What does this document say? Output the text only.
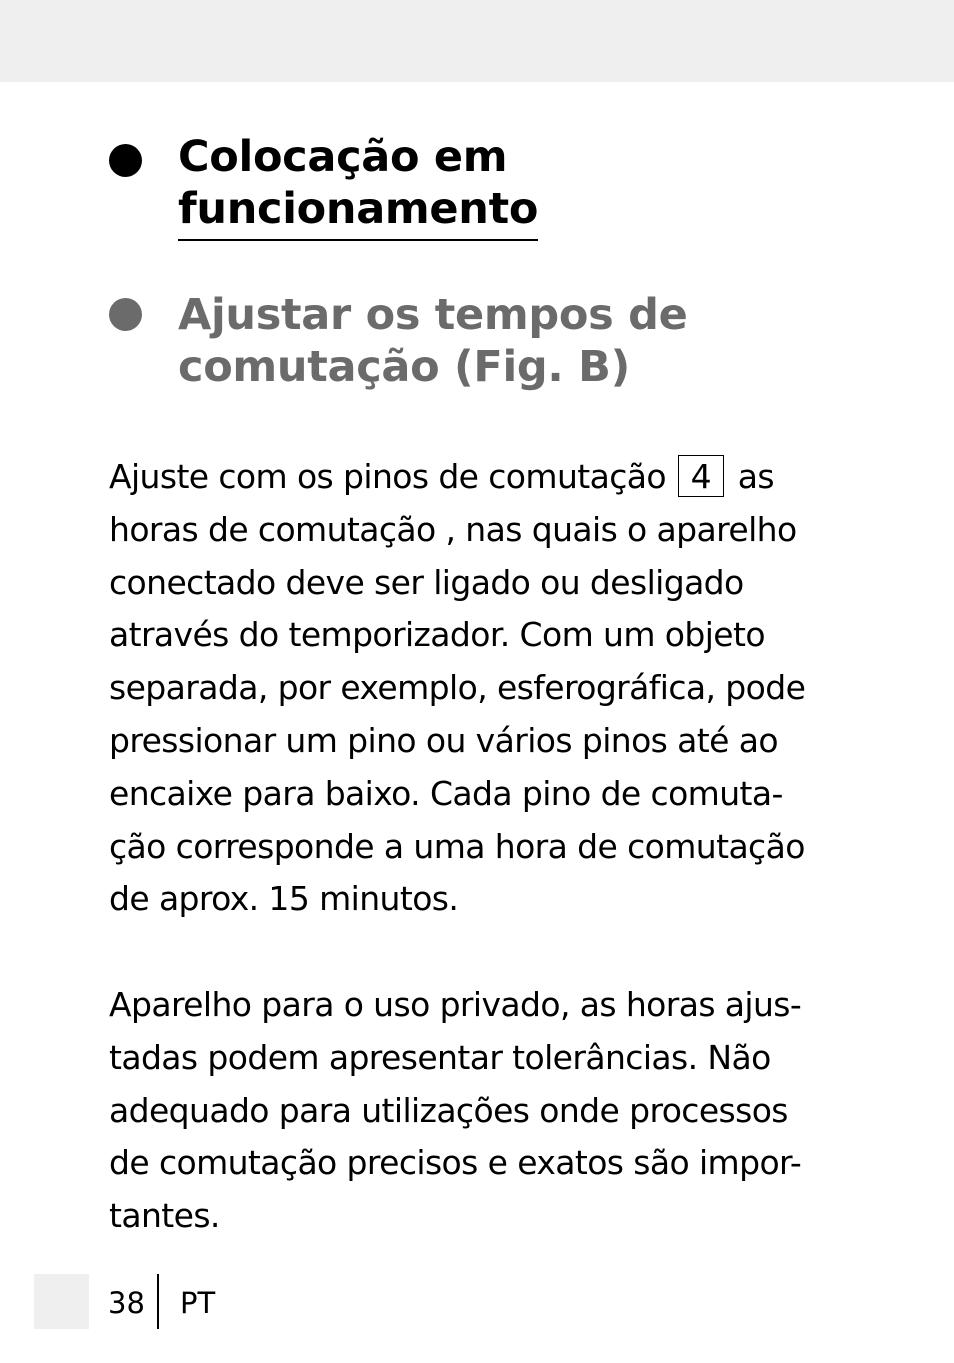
Colocação em
funcionamento
Ajustar os tempos de
comutação (Fig. B)
Ajuste com os pinos de comutação 4 as
horas de comutação , nas quais o aparelho
conectado deve ser ligado ou desligado
através do temporizador. Com um objeto
separada, por exemplo, esferográfica, pode
pressionar um pino ou vários pinos até ao
encaixe para baixo. Cada pino de comuta-
ção corresponde a uma hora de comutação
de aprox. 15 minutos.
Aparelho para o uso privado, as horas ajus-
tadas podem apresentar tolerâncias. Não
adequado para utilizações onde processos
de comutação precisos e exatos são impor-
tantes.
38 PT
